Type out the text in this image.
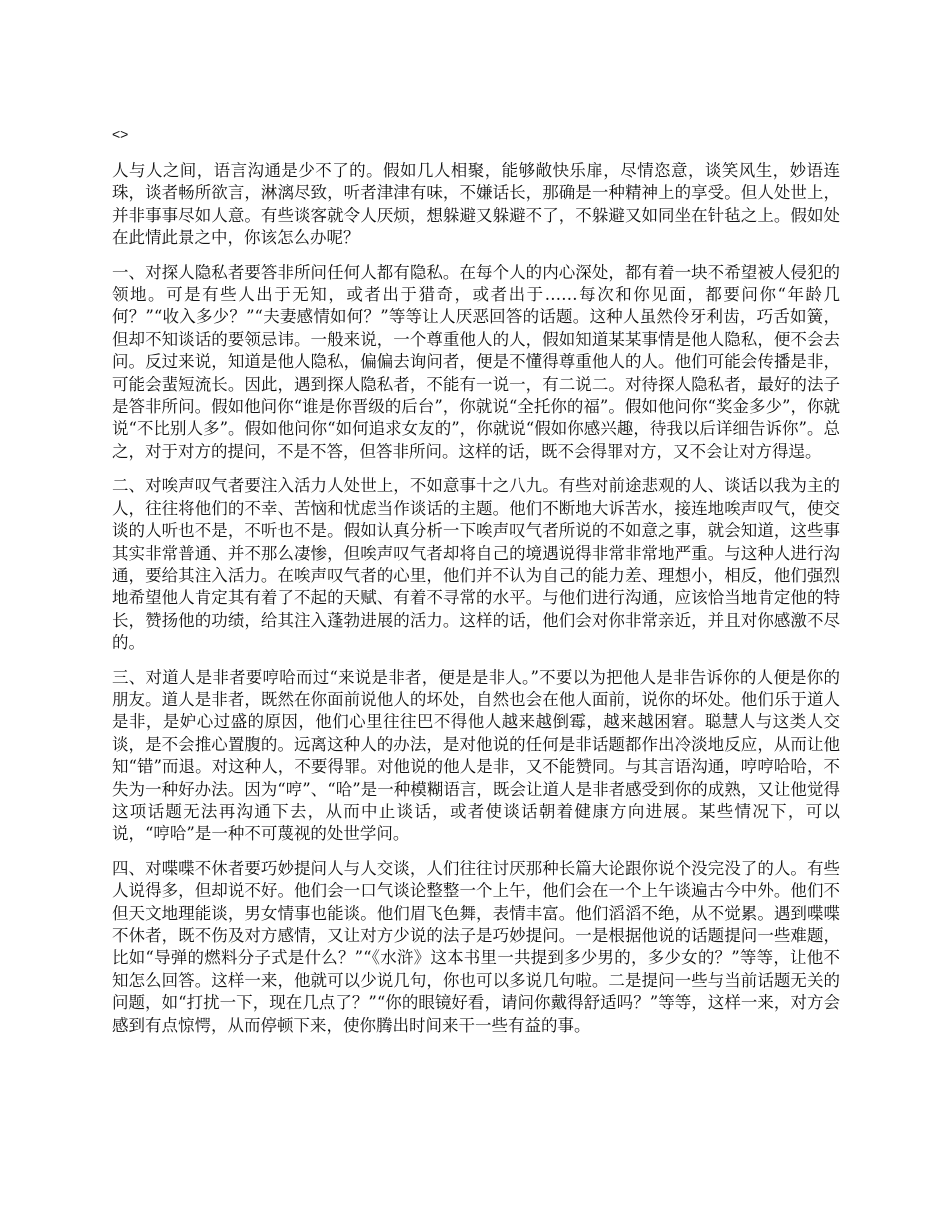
<>

人与人之间，语言沟通是少不了的。假如几人相聚，能够敞快乐扉，尽情恣意，谈笑风生，妙语连珠，谈者畅所欲言，淋漓尽致，听者津津有味，不嫌话长，那确是一种精神上的享受。但人处世上，并非事事尽如人意。有些谈客就令人厌烦，想躲避又躲避不了，不躲避又如同坐在针毡之上。假如处在此情此景之中，你该怎么办呢？

一、对探人隐私者要答非所问任何人都有隐私。在每个人的内心深处，都有着一块不希望被人侵犯的领地。可是有些人出于无知，或者出于猎奇，或者出于……每次和你见面，都要问你“年龄几何？”“收入多少？”“夫妻感情如何？”等等让人厌恶回答的话题。这种人虽然伶牙利齿，巧舌如簧，但却不知谈话的要领忌讳。一般来说，一个尊重他人的人，假如知道某某事情是他人隐私，便不会去问。反过来说，知道是他人隐私，偏偏去询问者，便是不懂得尊重他人的人。他们可能会传播是非，可能会蜚短流长。因此，遇到探人隐私者，不能有一说一，有二说二。对待探人隐私者，最好的法子是答非所问。假如他问你“谁是你晋级的后台”，你就说“全托你的福”。假如他问你“奖金多少”，你就说“不比别人多”。假如他问你“如何追求女友的”，你就说“假如你感兴趣，待我以后详细告诉你”。总之，对于对方的提问，不是不答，但答非所问。这样的话，既不会得罪对方，又不会让对方得逞。

二、对唉声叹气者要注入活力人处世上，不如意事十之八九。有些对前途悲观的人、谈话以我为主的人，往往将他们的不幸、苦恼和忧虑当作谈话的主题。他们不断地大诉苦水，接连地唉声叹气，使交谈的人听也不是，不听也不是。假如认真分析一下唉声叹气者所说的不如意之事，就会知道，这些事其实非常普通、并不那么凄惨，但唉声叹气者却将自己的境遇说得非常非常地严重。与这种人进行沟通，要给其注入活力。在唉声叹气者的心里，他们并不认为自己的能力差、理想小，相反，他们强烈地希望他人肯定其有着了不起的天赋、有着不寻常的水平。与他们进行沟通，应该恰当地肯定他的特长，赞扬他的功绩，给其注入蓬勃进展的活力。这样的话，他们会对你非常亲近，并且对你感激不尽的。

三、对道人是非者要哼哈而过“来说是非者，便是是非人。”不要以为把他人是非告诉你的人便是你的朋友。道人是非者，既然在你面前说他人的坏处，自然也会在他人面前，说你的坏处。他们乐于道人是非，是妒心过盛的原因，他们心里往往巴不得他人越来越倒霉，越来越困窘。聪慧人与这类人交谈，是不会推心置腹的。远离这种人的办法，是对他说的任何是非话题都作出冷淡地反应，从而让他知“错”而退。对这种人，不要得罪。对他说的他人是非，又不能赞同。与其言语沟通，哼哼哈哈，不失为一种好办法。因为“哼”、“哈”是一种模糊语言，既会让道人是非者感受到你的成熟，又让他觉得这项话题无法再沟通下去，从而中止谈话，或者使谈话朝着健康方向进展。某些情况下，可以说，“哼哈”是一种不可蔑视的处世学问。

四、对喋喋不休者要巧妙提问人与人交谈，人们往往讨厌那种长篇大论跟你说个没完没了的人。有些人说得多，但却说不好。他们会一口气谈论整整一个上午，他们会在一个上午谈遍古今中外。他们不但天文地理能谈，男女情事也能谈。他们眉飞色舞，表情丰富。他们滔滔不绝，从不觉累。遇到喋喋不休者，既不伤及对方感情，又让对方少说的法子是巧妙提问。一是根据他说的话题提问一些难题，比如“导弹的燃料分子式是什么？”“《水浒》这本书里一共提到多少男的，多少女的？”等等，让他不知怎么回答。这样一来，他就可以少说几句，你也可以多说几句啦。二是提问一些与当前话题无关的问题，如“打扰一下，现在几点了？”“你的眼镜好看，请问你戴得舒适吗？”等等，这样一来，对方会感到有点惊愕，从而停顿下来，使你腾出时间来干一些有益的事。
